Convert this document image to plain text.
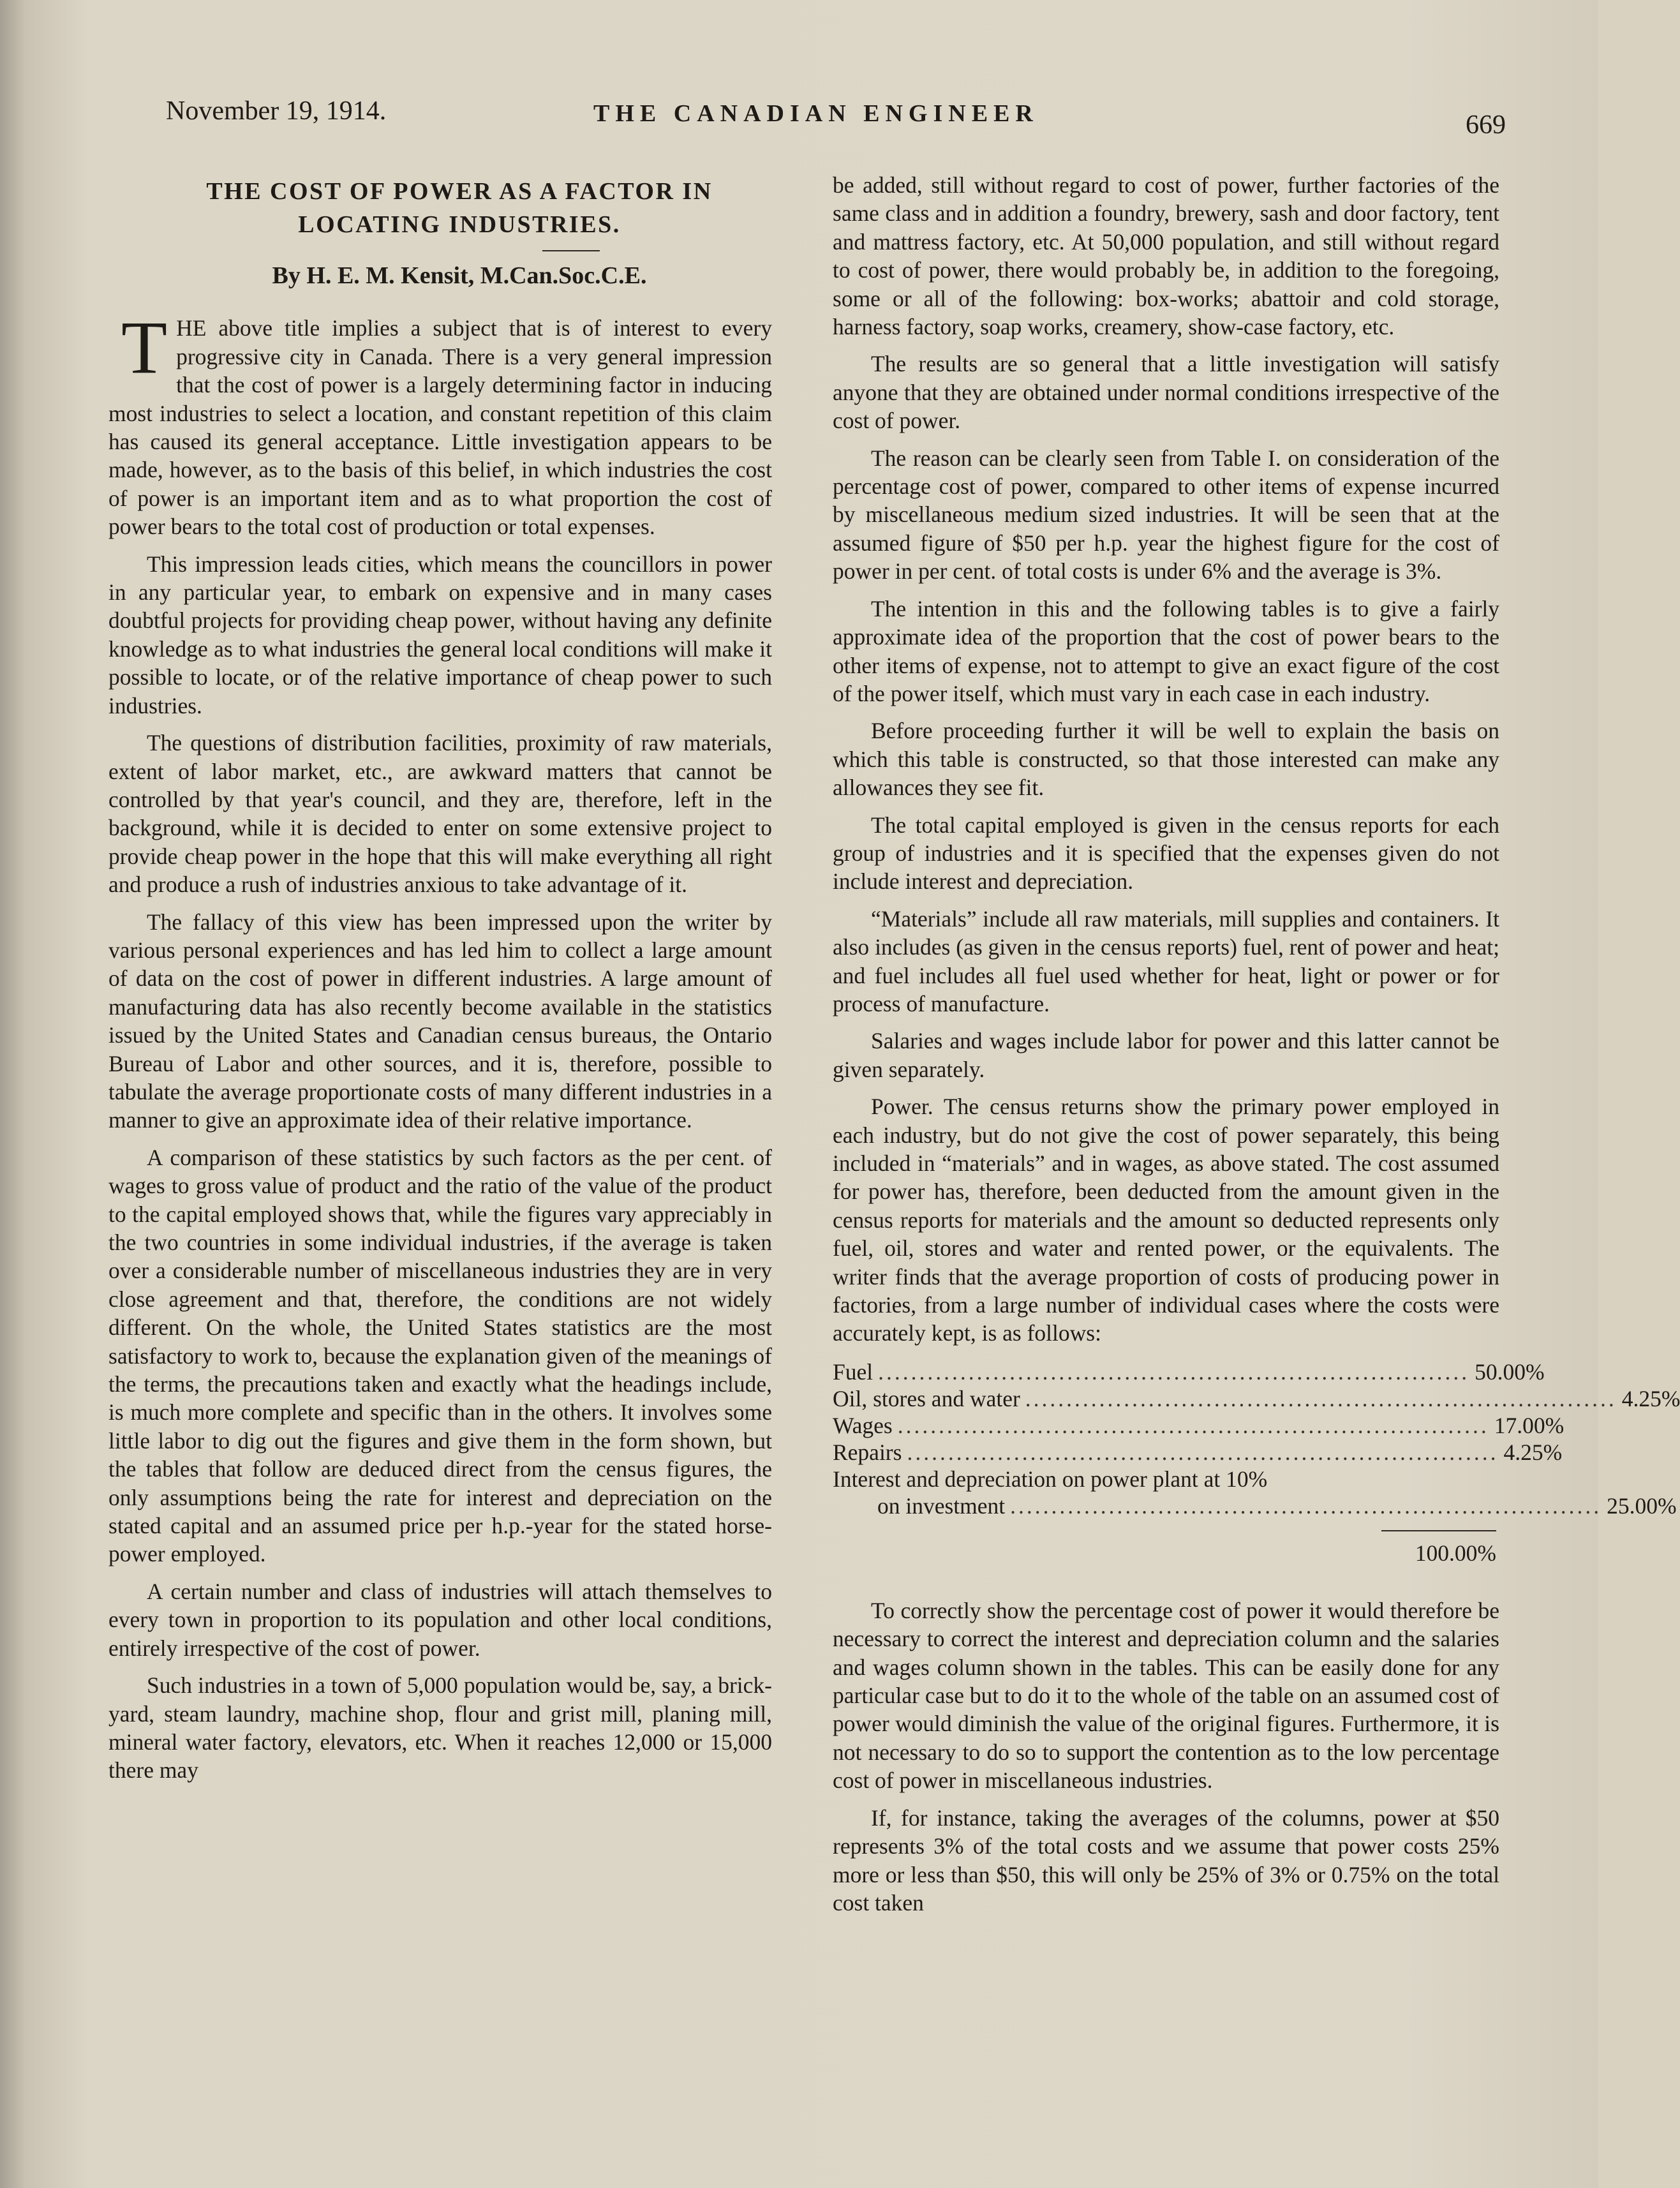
November 19, 1914.	THE CANADIAN ENGINEER	669
THE COST OF POWER AS A FACTOR IN
LOCATING INDUSTRIES.
By H. E. M. Kensit, M.Can.Soc.C.E.

THE above title implies a subject that is of interest to every progressive city in Canada. There is a very general impression that the cost of power is a largely determining factor in inducing most industries to select a location, and constant repetition of this claim has caused its general acceptance. Little investigation appears to be made, however, as to the basis of this belief, in which industries the cost of power is an important item and as to what proportion the cost of power bears to the total cost of production or total expenses.

This impression leads cities, which means the councillors in power in any particular year, to embark on expensive and in many cases doubtful projects for providing cheap power, without having any definite knowledge as to what industries the general local conditions will make it possible to locate, or of the relative importance of cheap power to such industries.

The questions of distribution facilities, proximity of raw materials, extent of labor market, etc., are awkward matters that cannot be controlled by that year's council, and they are, therefore, left in the background, while it is decided to enter on some extensive project to provide cheap power in the hope that this will make everything all right and produce a rush of industries anxious to take advantage of it.

The fallacy of this view has been impressed upon the writer by various personal experiences and has led him to collect a large amount of data on the cost of power in different industries. A large amount of manufacturing data has also recently become available in the statistics issued by the United States and Canadian census bureaus, the Ontario Bureau of Labor and other sources, and it is, therefore, possible to tabulate the average proportionate costs of many different industries in a manner to give an approximate idea of their relative importance.

A comparison of these statistics by such factors as the per cent. of wages to gross value of product and the ratio of the value of the product to the capital employed shows that, while the figures vary appreciably in the two countries in some individual industries, if the average is taken over a considerable number of miscellaneous industries they are in very close agreement and that, therefore, the conditions are not widely different. On the whole, the United States statistics are the most satisfactory to work to, because the explanation given of the meanings of the terms, the precautions taken and exactly what the headings include, is much more complete and specific than in the others. It involves some little labor to dig out the figures and give them in the form shown, but the tables that follow are deduced direct from the census figures, the only assumptions being the rate for interest and depreciation on the stated capital and an assumed price per h.p.-year for the stated horse-power employed.

A certain number and class of industries will attach themselves to every town in proportion to its population and other local conditions, entirely irrespective of the cost of power.

Such industries in a town of 5,000 population would be, say, a brick-yard, steam laundry, machine shop, flour and grist mill, planing mill, mineral water factory, elevators, etc. When it reaches 12,000 or 15,000 there may

be added, still without regard to cost of power, further factories of the same class and in addition a foundry, brewery, sash and door factory, tent and mattress factory, etc. At 50,000 population, and still without regard to cost of power, there would probably be, in addition to the foregoing, some or all of the following: box-works; abattoir and cold storage, harness factory, soap works, creamery, show-case factory, etc.

The results are so general that a little investigation will satisfy anyone that they are obtained under normal conditions irrespective of the cost of power.

The reason can be clearly seen from Table I. on consideration of the percentage cost of power, compared to other items of expense incurred by miscellaneous medium sized industries. It will be seen that at the assumed figure of $50 per h.p. year the highest figure for the cost of power in per cent. of total costs is under 6% and the average is 3%.

The intention in this and the following tables is to give a fairly approximate idea of the proportion that the cost of power bears to the other items of expense, not to attempt to give an exact figure of the cost of the power itself, which must vary in each case in each industry.

Before proceeding further it will be well to explain the basis on which this table is constructed, so that those interested can make any allowances they see fit.

The total capital employed is given in the census reports for each group of industries and it is specified that the expenses given do not include interest and depreciation.

“Materials” include all raw materials, mill supplies and containers. It also includes (as given in the census reports) fuel, rent of power and heat; and fuel includes all fuel used whether for heat, light or power or for process of manufacture.

Salaries and wages include labor for power and this latter cannot be given separately.

Power. The census returns show the primary power employed in each industry, but do not give the cost of power separately, this being included in “materials” and in wages, as above stated. The cost assumed for power has, therefore, been deducted from the amount given in the census reports for materials and the amount so deducted represents only fuel, oil, stores and water and rented power, or the equivalents. The writer finds that the average proportion of costs of producing power in factories, from a large number of individual cases where the costs were accurately kept, is as follows:

Fuel ........................................................................ 50.00%
Oil, stores and water ........................................................................ 4.25%
Wages ........................................................................ 17.00%
Repairs ........................................................................ 4.25%
Interest and depreciation on power plant at 10%
on investment ........................................................................ 25.00%
100.00%

To correctly show the percentage cost of power it would therefore be necessary to correct the interest and depreciation column and the salaries and wages column shown in the tables. This can be easily done for any particular case but to do it to the whole of the table on an assumed cost of power would diminish the value of the original figures. Furthermore, it is not necessary to do so to support the contention as to the low percentage cost of power in miscellaneous industries.

If, for instance, taking the averages of the columns, power at $50 represents 3% of the total costs and we assume that power costs 25% more or less than $50, this will only be 25% of 3% or 0.75% on the total cost taken
